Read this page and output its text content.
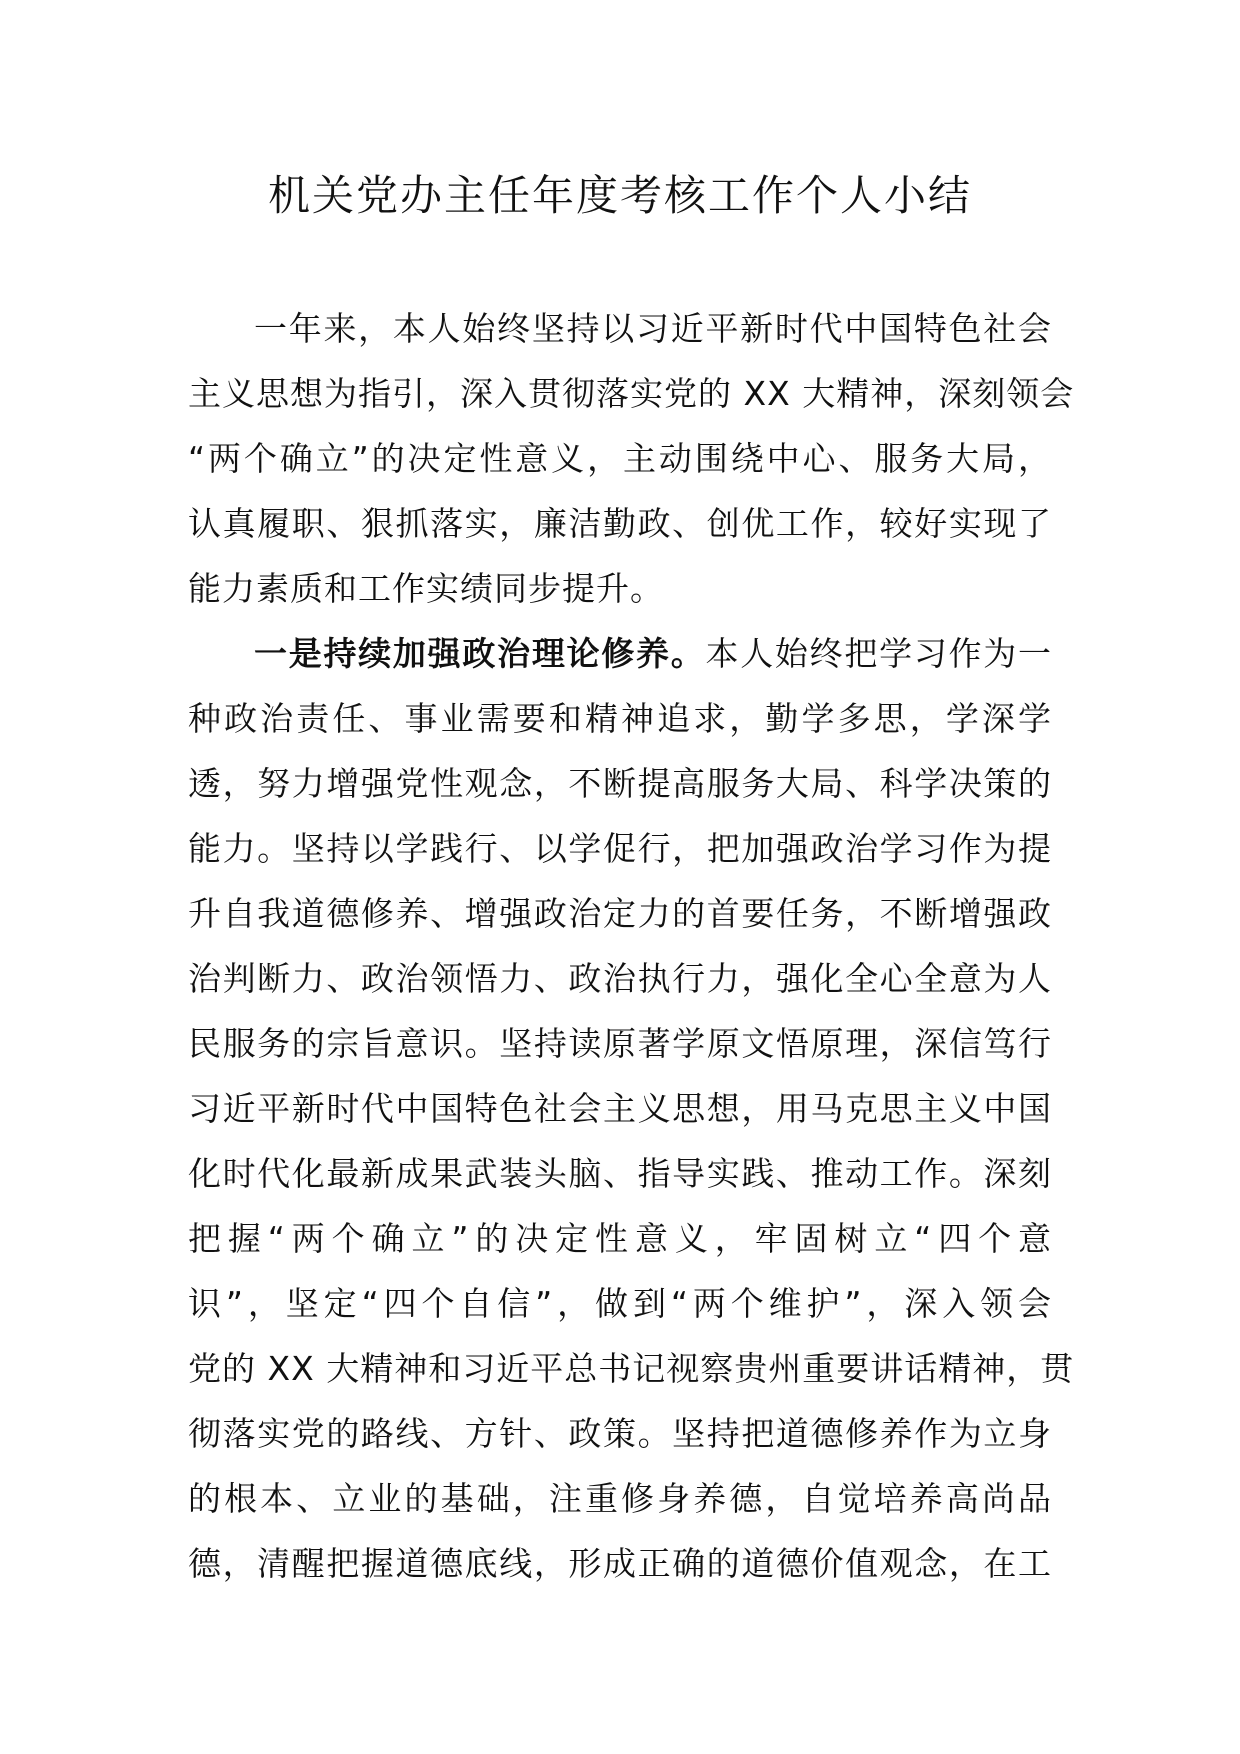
机关党办主任年度考核工作个人小结
一年来，本人始终坚持以习近平新时代中国特色社会
主义思想为指引，深入贯彻落实党的 XX 大精神，深刻领会
“两个确立”的决定性意义，主动围绕中心、服务大局，
认真履职、狠抓落实，廉洁勤政、创优工作，较好实现了
能力素质和工作实绩同步提升。
一是持续加强政治理论修养。本人始终把学习作为一
种政治责任、事业需要和精神追求，勤学多思，学深学
透，努力增强党性观念，不断提高服务大局、科学决策的
能力。坚持以学践行、以学促行，把加强政治学习作为提
升自我道德修养、增强政治定力的首要任务，不断增强政
治判断力、政治领悟力、政治执行力，强化全心全意为人
民服务的宗旨意识。坚持读原著学原文悟原理，深信笃行
习近平新时代中国特色社会主义思想，用马克思主义中国
化时代化最新成果武装头脑、指导实践、推动工作。深刻
把握“两个确立”的决定性意义，牢固树立“四个意
识”，坚定“四个自信”，做到“两个维护”，深入领会
党的 XX 大精神和习近平总书记视察贵州重要讲话精神，贯
彻落实党的路线、方针、政策。坚持把道德修养作为立身
的根本、立业的基础，注重修身养德，自觉培养高尚品
德，清醒把握道德底线，形成正确的道德价值观念，在工
